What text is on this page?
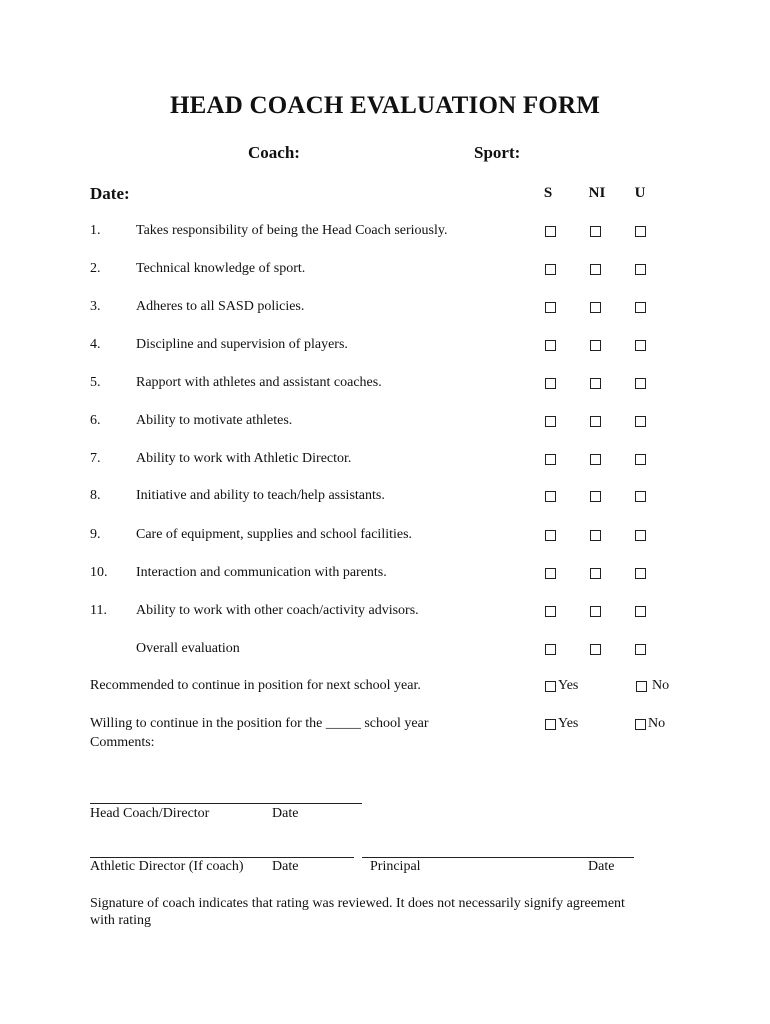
HEAD COACH EVALUATION FORM
Coach:	Sport:
Date:	S	NI	U
1.	Takes responsibility of being the Head Coach seriously.
2.	Technical knowledge of sport.
3.	Adheres to all SASD policies.
4.	Discipline and supervision of players.
5.	Rapport with athletes and assistant coaches.
6.	Ability to motivate athletes.
7.	Ability to work with Athletic Director.
8.	Initiative and ability to teach/help assistants.
9.	Care of equipment, supplies and school facilities.
10. Interaction and communication with parents.
11. Ability to work with other coach/activity advisors.
Overall evaluation
Recommended to continue in position for next school year.	Yes	No
Willing to continue in the position for the _____ school year	Yes	No
Comments:
Head Coach/Director	Date
Athletic Director (If coach) Date	Principal	Date
Signature of coach indicates that rating was reviewed. It does not necessarily signify agreement
with rating
